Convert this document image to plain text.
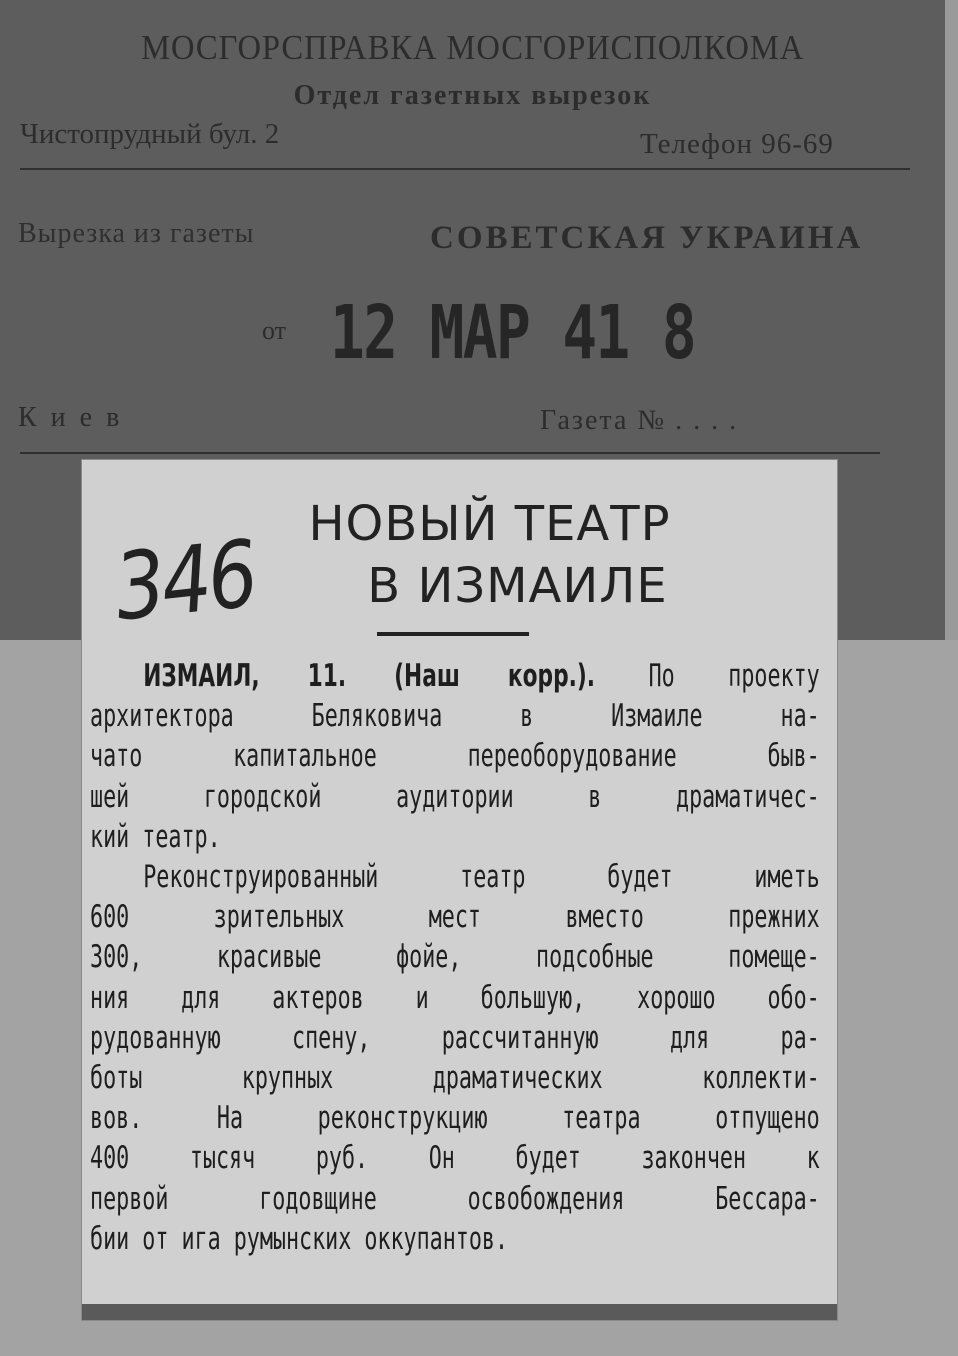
МОСГОРСПРАВКА МОСГОРИСПОЛКОМА
Отдел газетных вырезок
Чистопрудный бул. 2	Телефон 96-69
Вырезка из газеты	СОВЕТСКАЯ УКРАИНА
от 12 МАР 41 8
Киев	Газета № . . . .
НОВЫЙ ТЕАТР
В ИЗМАИЛЕ
ИЗМАИЛ, 11. (Наш корр.). По проекту
архитектора Беляковича в Измаиле на-
чато капитальное переоборудование быв-
шей городской аудитории в драматичес-
кий театр.
Реконструированный театр будет иметь
600 зрительных мест вместо прежних
300, красивые фойе, подсобные помеще-
ния для актеров и большую, хорошо обо-
рудованную спену, рассчитанную для ра-
боты крупных драматических коллекти-
вов. На реконструкцию театра отпущено
400 тысяч руб. Он будет закончен к
первой годовщине освобождения Бессара-
бии от ига румынских оккупантов.
346
